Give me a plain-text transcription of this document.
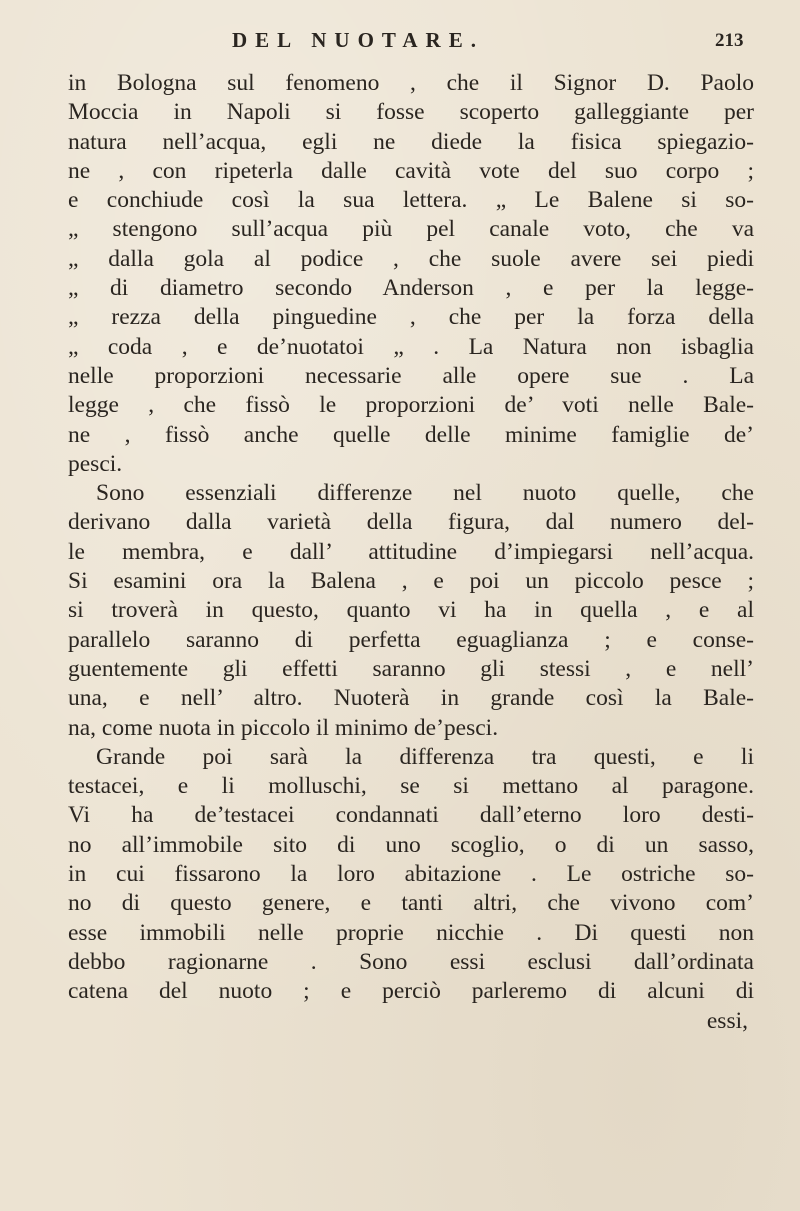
DEL NUOTARE.	213
in Bologna sul fenomeno , che il Signor D. Paolo
Moccia in Napoli si fosse scoperto galleggiante per
natura nell’acqua, egli ne diede la fisica spiegazio-
ne , con ripeterla dalle cavità vote del suo corpo ;
e conchiude così la sua lettera. „ Le Balene si so-
„ stengono sull’acqua più pel canale voto, che va
„ dalla gola al podice , che suole avere sei piedi
„ di diametro secondo Anderson , e per la legge-
„ rezza della pinguedine , che per la forza della
„ coda , e de’nuotatoi „ . La Natura non isbaglia
nelle proporzioni necessarie alle opere sue . La
legge , che fissò le proporzioni de’ voti nelle Bale-
ne , fissò anche quelle delle minime famiglie de’
pesci.
Sono essenziali differenze nel nuoto quelle, che
derivano dalla varietà della figura, dal numero del-
le membra, e dall’ attitudine d’impiegarsi nell’acqua.
Si esamini ora la Balena , e poi un piccolo pesce ;
si troverà in questo, quanto vi ha in quella , e al
parallelo saranno di perfetta eguaglianza ; e conse-
guentemente gli effetti saranno gli stessi , e nell’
una, e nell’ altro. Nuoterà in grande così la Bale-
na, come nuota in piccolo il minimo de’pesci.
Grande poi sarà la differenza tra questi, e li
testacei, e li molluschi, se si mettano al paragone.
Vi ha de’testacei condannati dall’eterno loro desti-
no all’immobile sito di uno scoglio, o di un sasso,
in cui fissarono la loro abitazione . Le ostriche so-
no di questo genere, e tanti altri, che vivono com’
esse immobili nelle proprie nicchie . Di questi non
debbo ragionarne . Sono essi esclusi dall’ordinata
catena del nuoto ; e perciò parleremo di alcuni di
essi,
